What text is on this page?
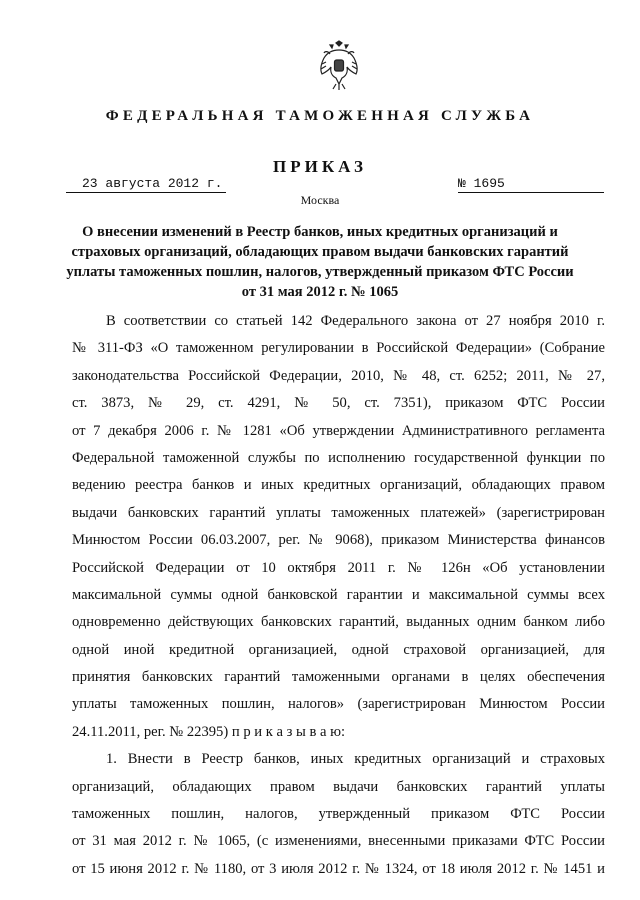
ФЕДЕРАЛЬНАЯ ТАМОЖЕННАЯ СЛУЖБА
ПРИКАЗ
23 августа 2012 г.	№ 1695
Москва
О внесении изменений в Реестр банков, иных кредитных организаций и
страховых организаций, обладающих правом выдачи банковских гарантий
уплаты таможенных пошлин, налогов, утвержденный приказом ФТС России
от 31 мая 2012 г. № 1065
В соответствии со статьей 142 Федерального закона от 27 ноября 2010 г.
№ 311-ФЗ «О таможенном регулировании в Российской Федерации» (Собрание
законодательства Российской Федерации, 2010, № 48, ст. 6252; 2011, № 27,
ст. 3873, № 29, ст. 4291, № 50, ст. 7351), приказом ФТС России
от 7 декабря 2006 г. № 1281 «Об утверждении Административного регламента
Федеральной таможенной службы по исполнению государственной функции по
ведению реестра банков и иных кредитных организаций, обладающих правом
выдачи банковских гарантий уплаты таможенных платежей» (зарегистрирован
Минюстом России 06.03.2007, рег. № 9068), приказом Министерства финансов
Российской Федерации от 10 октября 2011 г. № 126н «Об установлении
максимальной суммы одной банковской гарантии и максимальной суммы всех
одновременно действующих банковских гарантий, выданных одним банком либо
одной иной кредитной организацией, одной страховой организацией, для
принятия банковских гарантий таможенными органами в целях обеспечения
уплаты таможенных пошлин, налогов» (зарегистрирован Минюстом России
24.11.2011, рег. № 22395) п р и к а з ы в а ю:
1. Внести в Реестр банков, иных кредитных организаций и страховых
организаций, обладающих правом выдачи банковских гарантий уплаты
таможенных пошлин, налогов, утвержденный приказом ФТС России
от 31 мая 2012 г. № 1065, (с изменениями, внесенными приказами ФТС России
от 15 июня 2012 г. № 1180, от 3 июля 2012 г. № 1324, от 18 июля 2012 г. № 1451 и
